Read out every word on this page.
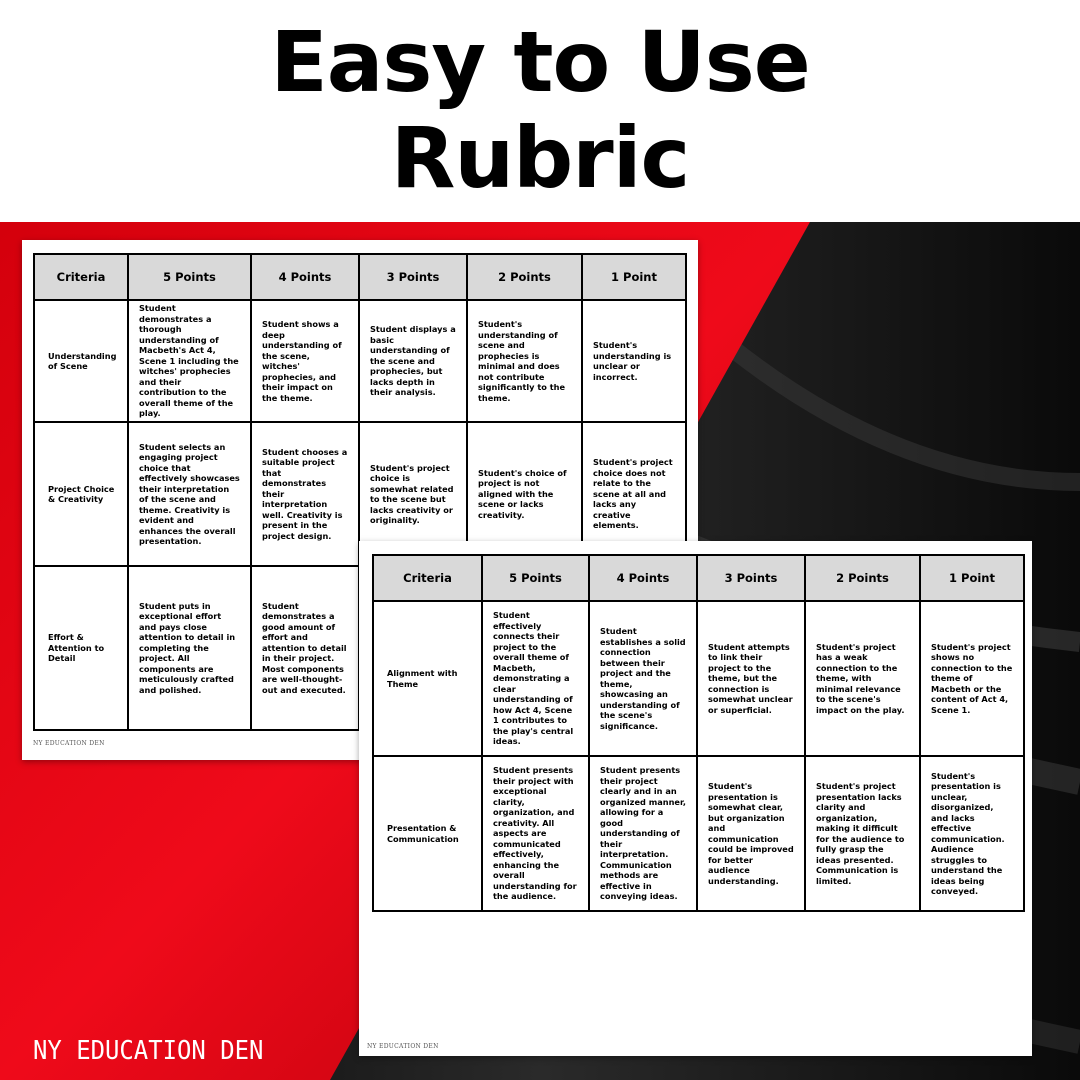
Easy to Use
Rubric
Criteria	5 Points	4 Points	3 Points	2 Points	1 Point
Understanding of Scene	Student demonstrates a thorough understanding of Macbeth's Act 4, Scene 1 including the witches' prophecies and their contribution to the overall theme of the play.	Student shows a deep understanding of the scene, witches' prophecies, and their impact on the theme.	Student displays a basic understanding of the scene and prophecies, but lacks depth in their analysis.	Student's understanding of scene and prophecies is minimal and does not contribute significantly to the theme.	Student's understanding is unclear or incorrect.
Project Choice & Creativity	Student selects an engaging project choice that effectively showcases their interpretation of the scene and theme. Creativity is evident and enhances the overall presentation.	Student chooses a suitable project that demonstrates their interpretation well. Creativity is present in the project design.	Student's project choice is somewhat related to the scene but lacks creativity or originality.	Student's choice of project is not aligned with the scene or lacks creativity.	Student's project choice does not relate to the scene at all and lacks any creative elements.
Effort & Attention to Detail	Student puts in exceptional effort and pays close attention to detail in completing the project. All components are meticulously crafted and polished.	Student demonstrates a good amount of effort and attention to detail in their project. Most components are well-thought-out and executed.			
NY EDUCATION DEN
Criteria	5 Points	4 Points	3 Points	2 Points	1 Point
Alignment with Theme	Student effectively connects their project to the overall theme of Macbeth, demonstrating a clear understanding of how Act 4, Scene 1 contributes to the play's central ideas.	Student establishes a solid connection between their project and the theme, showcasing an understanding of the scene's significance.	Student attempts to link their project to the theme, but the connection is somewhat unclear or superficial.	Student's project has a weak connection to the theme, with minimal relevance to the scene's impact on the play.	Student's project shows no connection to the theme of Macbeth or the content of Act 4, Scene 1.
Presentation & Communication	Student presents their project with exceptional clarity, organization, and creativity. All aspects are communicated effectively, enhancing the overall understanding for the audience.	Student presents their project clearly and in an organized manner, allowing for a good understanding of their interpretation. Communication methods are effective in conveying ideas.	Student's presentation is somewhat clear, but organization and communication could be improved for better audience understanding.	Student's project presentation lacks clarity and organization, making it difficult for the audience to fully grasp the ideas presented. Communication is limited.	Student's presentation is unclear, disorganized, and lacks effective communication. Audience struggles to understand the ideas being conveyed.
NY EDUCATION DEN
NY EDUCATION DEN
